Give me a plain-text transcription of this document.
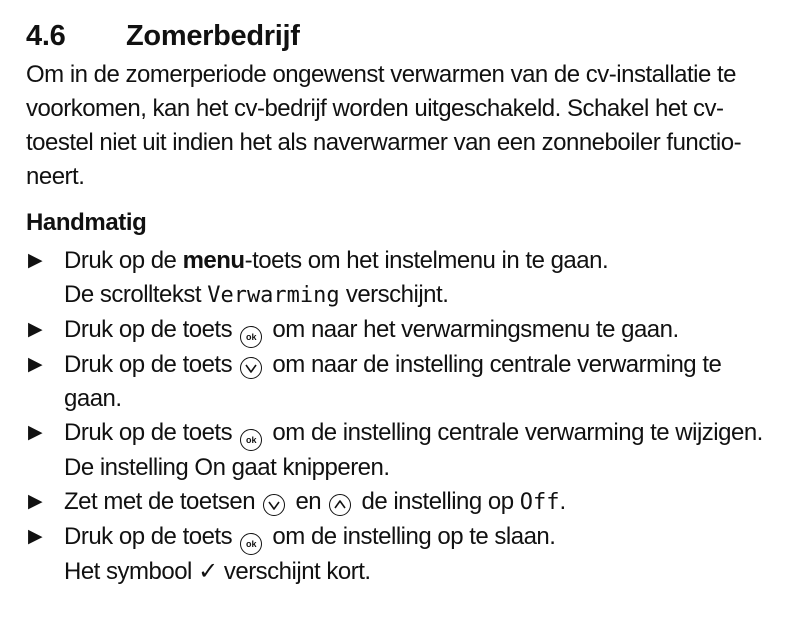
4.6	Zomerbedrijf

Om in de zomerperiode ongewenst verwarmen van de cv-installatie te
voorkomen, kan het cv-bedrijf worden uitgeschakeld. Schakel het cv-
toestel niet uit indien het als naverwarmer van een zonneboiler functio-
neert.

Handmatig
▶ Druk op de menu-toets om het instelmenu in te gaan.
De scrolltekst Verwarming verschijnt.
▶ Druk op de toets ok om naar het verwarmingsmenu te gaan.
▶ Druk op de toets
om naar de instelling centrale verwarming te
gaan.
▶ Druk op de toets ok om de instelling centrale verwarming te wijzigen.
De instelling On gaat knipperen.
▶ Zet met de toetsen
en
de instelling op Off.
▶ Druk op de toets ok om de instelling op te slaan.
Het symbool ✓ verschijnt kort.
